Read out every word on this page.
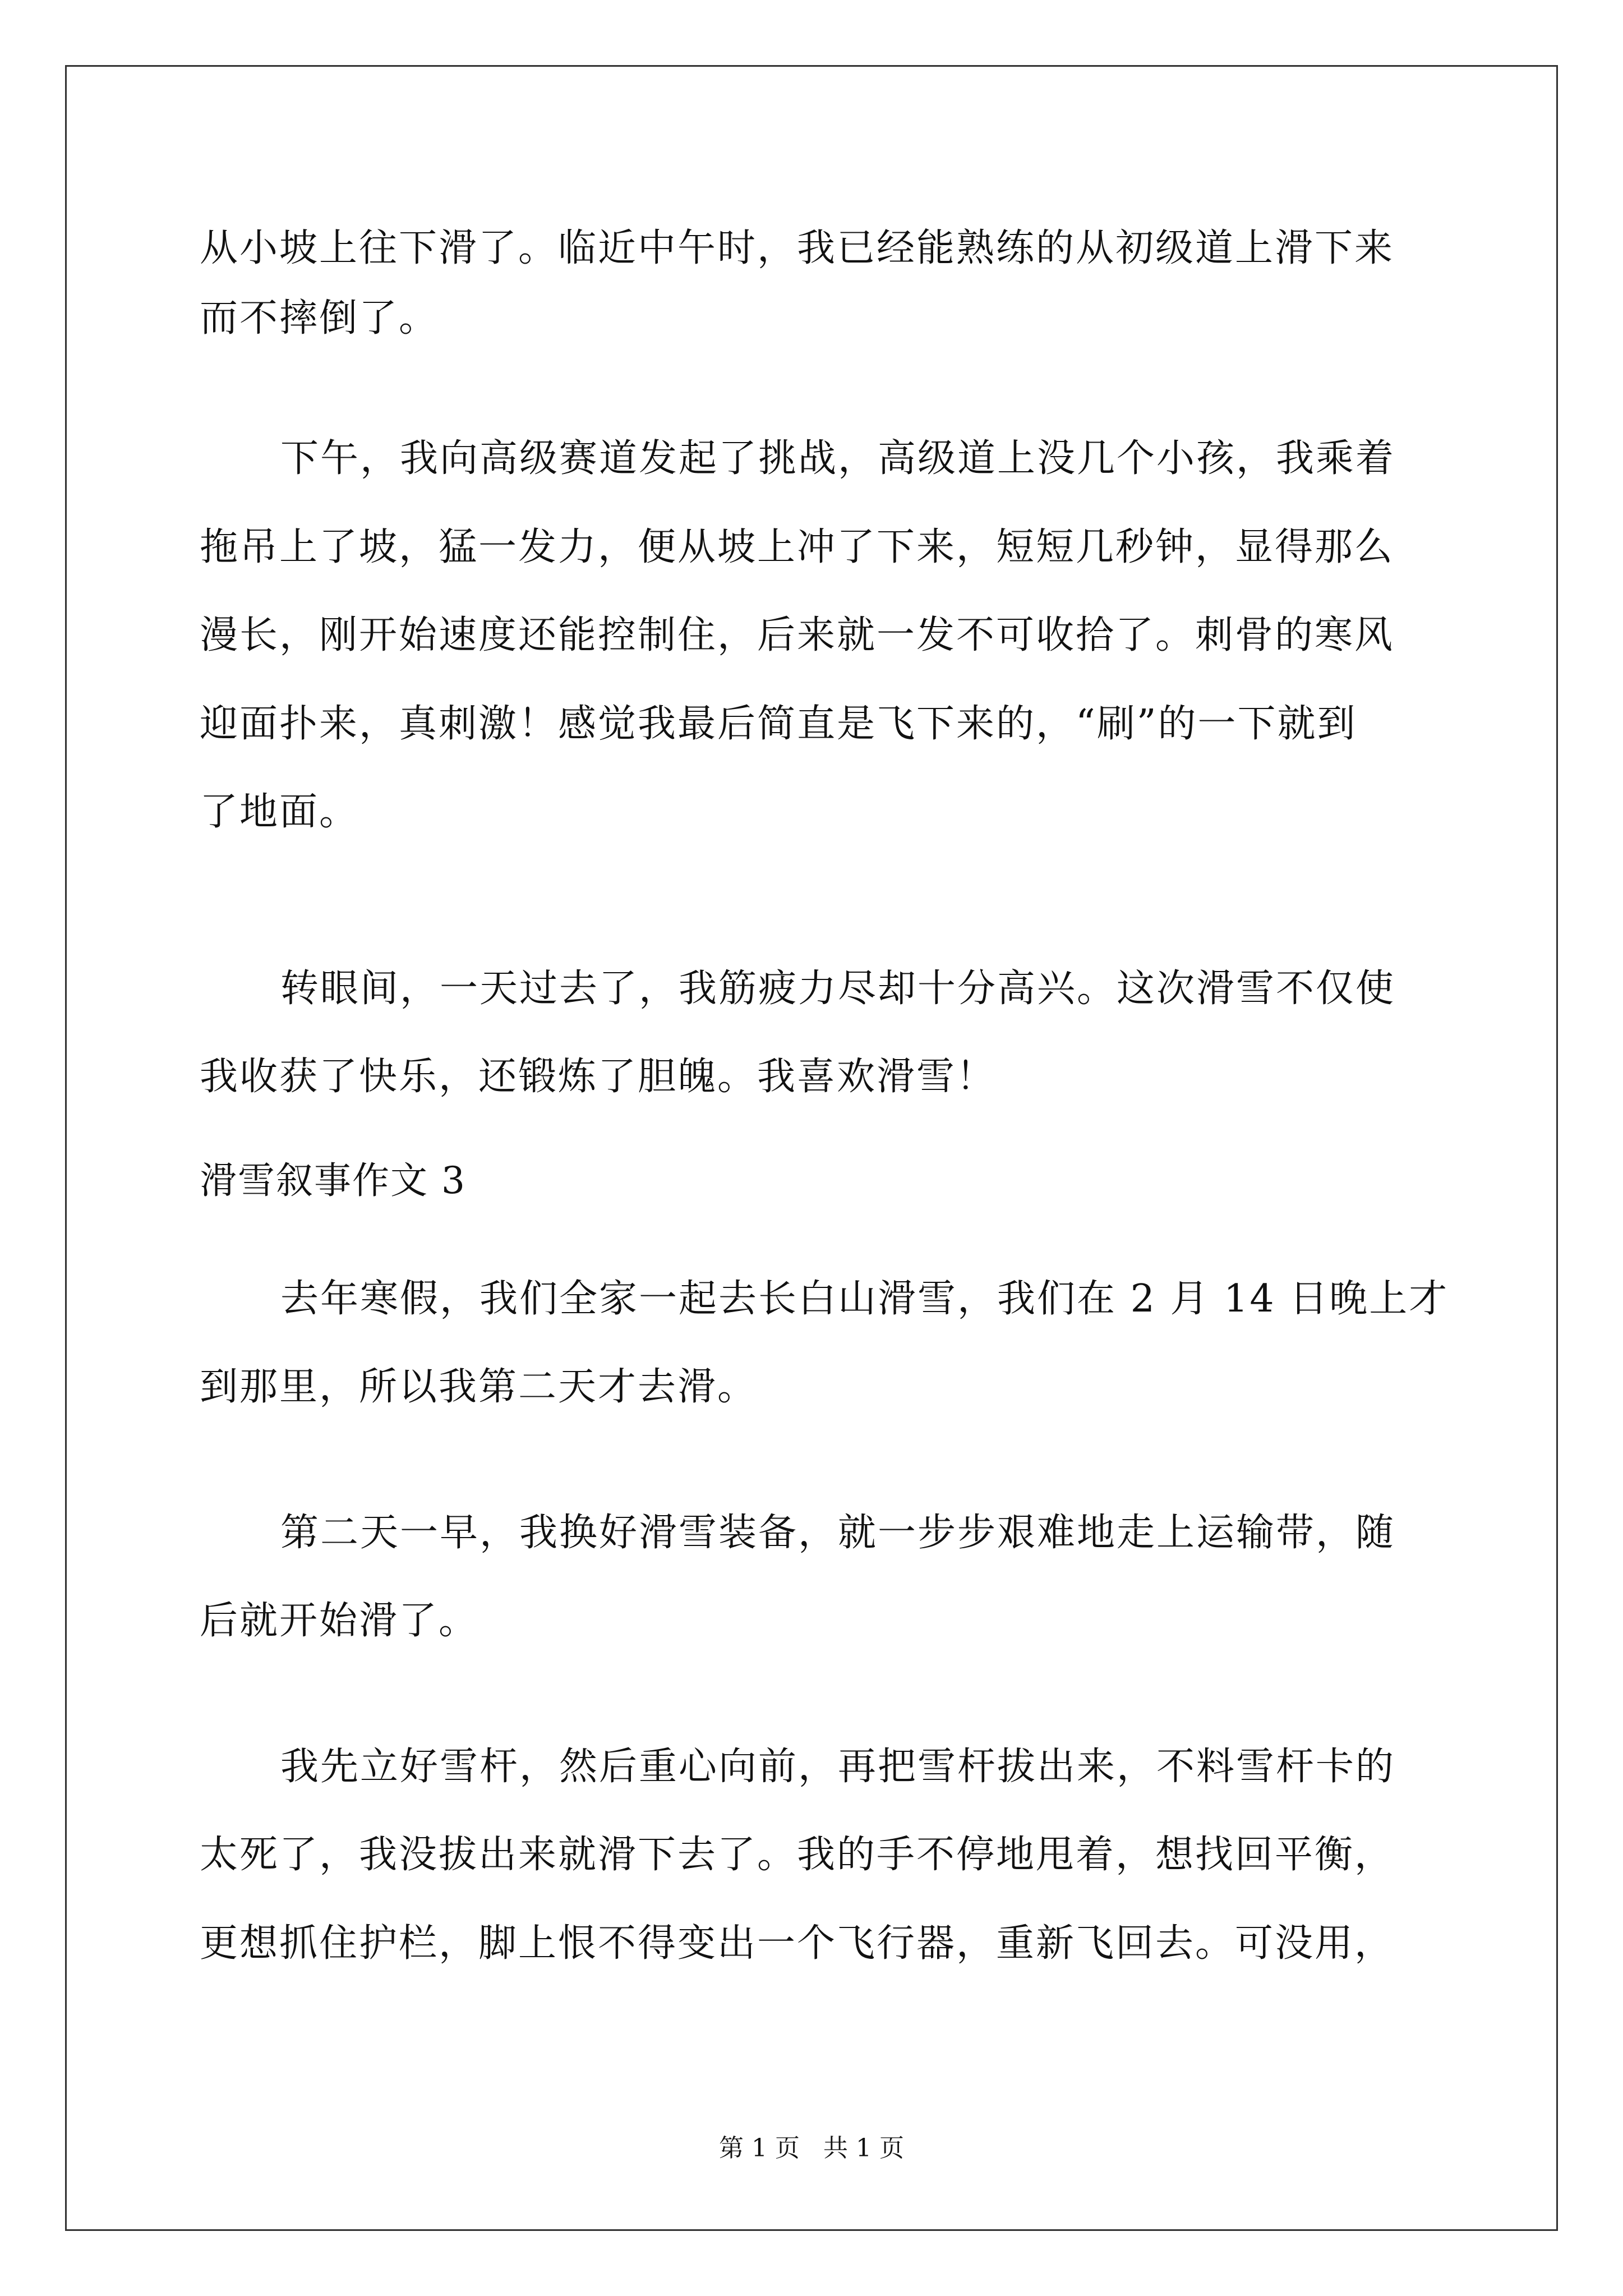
从小坡上往下滑了。临近中午时，我已经能熟练的从初级道上滑下来
而不摔倒了。
下午，我向高级赛道发起了挑战，高级道上没几个小孩，我乘着
拖吊上了坡，猛一发力，便从坡上冲了下来，短短几秒钟，显得那么
漫长，刚开始速度还能控制住，后来就一发不可收拾了。刺骨的寒风
迎面扑来，真刺激！感觉我最后简直是飞下来的，“刷”的一下就到
了地面。
转眼间，一天过去了，我筋疲力尽却十分高兴。这次滑雪不仅使
我收获了快乐，还锻炼了胆魄。我喜欢滑雪！
滑雪叙事作文 3
去年寒假，我们全家一起去长白山滑雪，我们在 2 月 14 日晚上才
到那里，所以我第二天才去滑。
第二天一早，我换好滑雪装备，就一步步艰难地走上运输带，随
后就开始滑了。
我先立好雪杆，然后重心向前，再把雪杆拔出来，不料雪杆卡的
太死了，我没拔出来就滑下去了。我的手不停地甩着，想找回平衡，
更想抓住护栏，脚上恨不得变出一个飞行器，重新飞回去。可没用，
第 1 页 共 1 页
